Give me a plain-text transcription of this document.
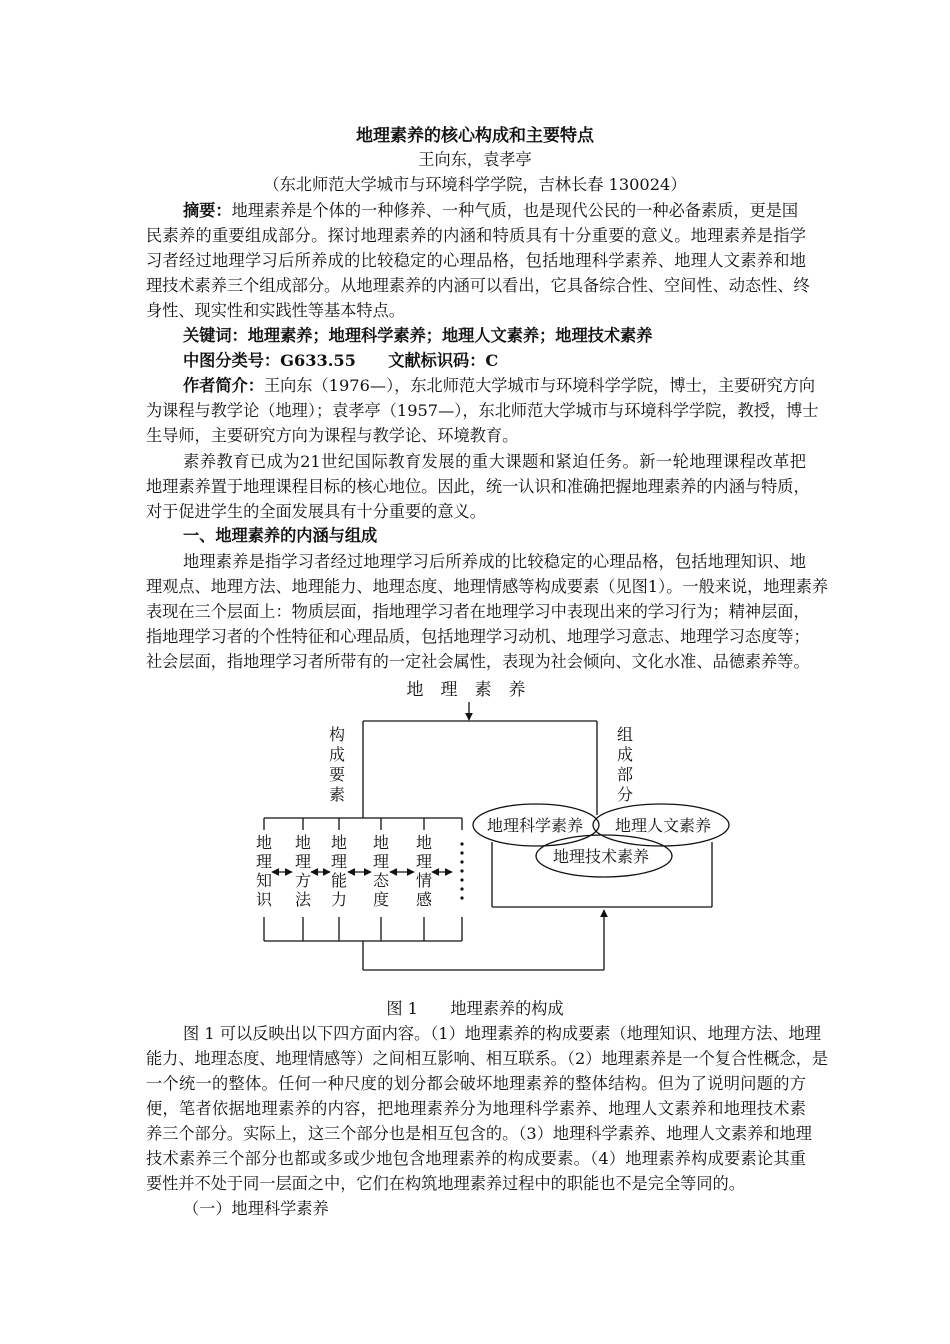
地理素养的核心构成和主要特点
王向东，袁孝亭
（东北师范大学城市与环境科学学院，吉林长春 130024）
摘要：地理素养是个体的一种修养、一种气质，也是现代公民的一种必备素质，更是国
民素养的重要组成部分。探讨地理素养的内涵和特质具有十分重要的意义。地理素养是指学
习者经过地理学习后所养成的比较稳定的心理品格，包括地理科学素养、地理人文素养和地
理技术素养三个组成部分。从地理素养的内涵可以看出，它具备综合性、空间性、动态性、终
身性、现实性和实践性等基本特点。
关键词：地理素养；地理科学素养；地理人文素养；地理技术素养
中图分类号：G633.55　　文献标识码：C
作者简介：王向东（1976—），东北师范大学城市与环境科学学院，博士，主要研究方向
为课程与教学论（地理）；袁孝亭（1957—），东北师范大学城市与环境科学学院，教授，博士
生导师，主要研究方向为课程与教学论、环境教育。
素养教育已成为21世纪国际教育发展的重大课题和紧迫任务。新一轮地理课程改革把
地理素养置于地理课程目标的核心地位。因此，统一认识和准确把握地理素养的内涵与特质，
对于促进学生的全面发展具有十分重要的意义。
一、地理素养的内涵与组成
地理素养是指学习者经过地理学习后所养成的比较稳定的心理品格，包括地理知识、地
理观点、地理方法、地理能力、地理态度、地理情感等构成要素（见图1）。一般来说，地理素养
表现在三个层面上：物质层面，指地理学习者在地理学习中表现出来的学习行为；精神层面，
指地理学习者的个性特征和心理品质，包括地理学习动机、地理学习意志、地理学习态度等；
社会层面，指地理学习者所带有的一定社会属性，表现为社会倾向、文化水准、品德素养等。
地　理　素　养
构
成
要
素
组
成
部
分
地
理
知
识
地
理
方
法
地
理
能
力
地
理
态
度
地
理
情
感
地理科学素养 地理人文素养
地理技术素养
图 1　　地理素养的构成
图 1 可以反映出以下四方面内容。（1）地理素养的构成要素（地理知识、地理方法、地理
能力、地理态度、地理情感等）之间相互影响、相互联系。（2）地理素养是一个复合性概念，是
一个统一的整体。任何一种尺度的划分都会破坏地理素养的整体结构。但为了说明问题的方
便，笔者依据地理素养的内容，把地理素养分为地理科学素养、地理人文素养和地理技术素
养三个部分。实际上，这三个部分也是相互包含的。（3）地理科学素养、地理人文素养和地理
技术素养三个部分也都或多或少地包含地理素养的构成要素。（4）地理素养构成要素论其重
要性并不处于同一层面之中，它们在构筑地理素养过程中的职能也不是完全等同的。
（一）地理科学素养
